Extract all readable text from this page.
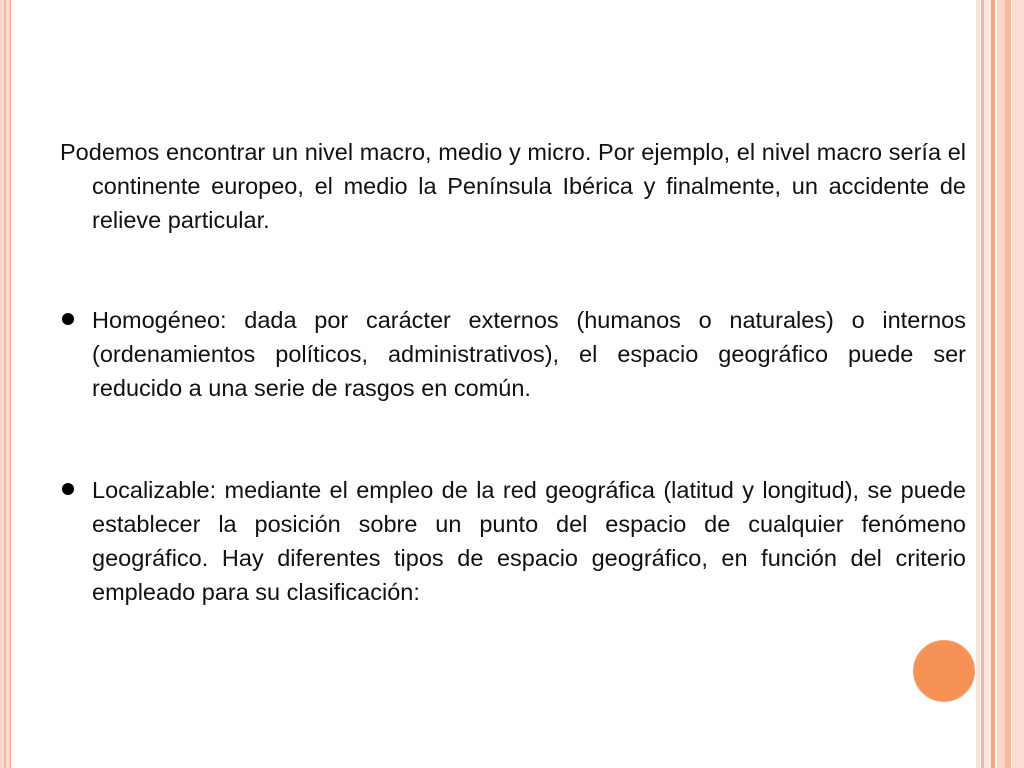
Podemos encontrar un nivel macro, medio y micro. Por ejemplo, el nivel macro sería el continente europeo, el medio la Península Ibérica y finalmente, un accidente de relieve particular.

Homogéneo: dada por carácter externos (humanos o naturales) o internos (ordenamientos políticos, administrativos), el espacio geográfico puede ser reducido a una serie de rasgos en común.
Localizable: mediante el empleo de la red geográfica (latitud y longitud), se puede establecer la posición sobre un punto del espacio de cualquier fenómeno geográfico. Hay diferentes tipos de espacio geográfico, en función del criterio empleado para su clasificación:
